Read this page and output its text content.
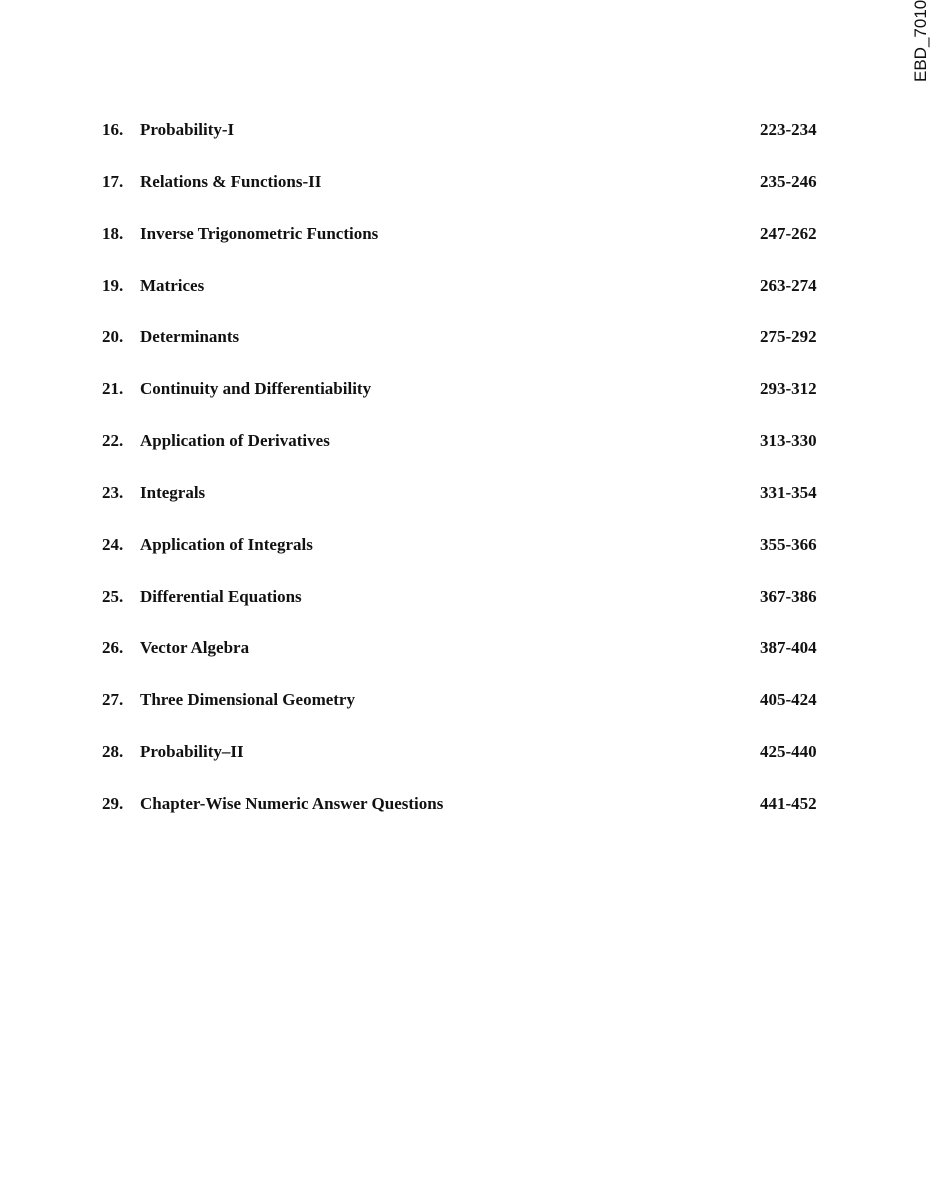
EBD_7010
16. Probability-I	223-234
17. Relations & Functions-II	235-246
18. Inverse Trigonometric Functions	247-262
19. Matrices	263-274
20. Determinants	275-292
21. Continuity and Differentiability	293-312
22. Application of Derivatives	313-330
23. Integrals	331-354
24. Application of Integrals	355-366
25. Differential Equations	367-386
26. Vector Algebra	387-404
27. Three Dimensional Geometry	405-424
28. Probability–II	425-440
29. Chapter-Wise Numeric Answer Questions	441-452
